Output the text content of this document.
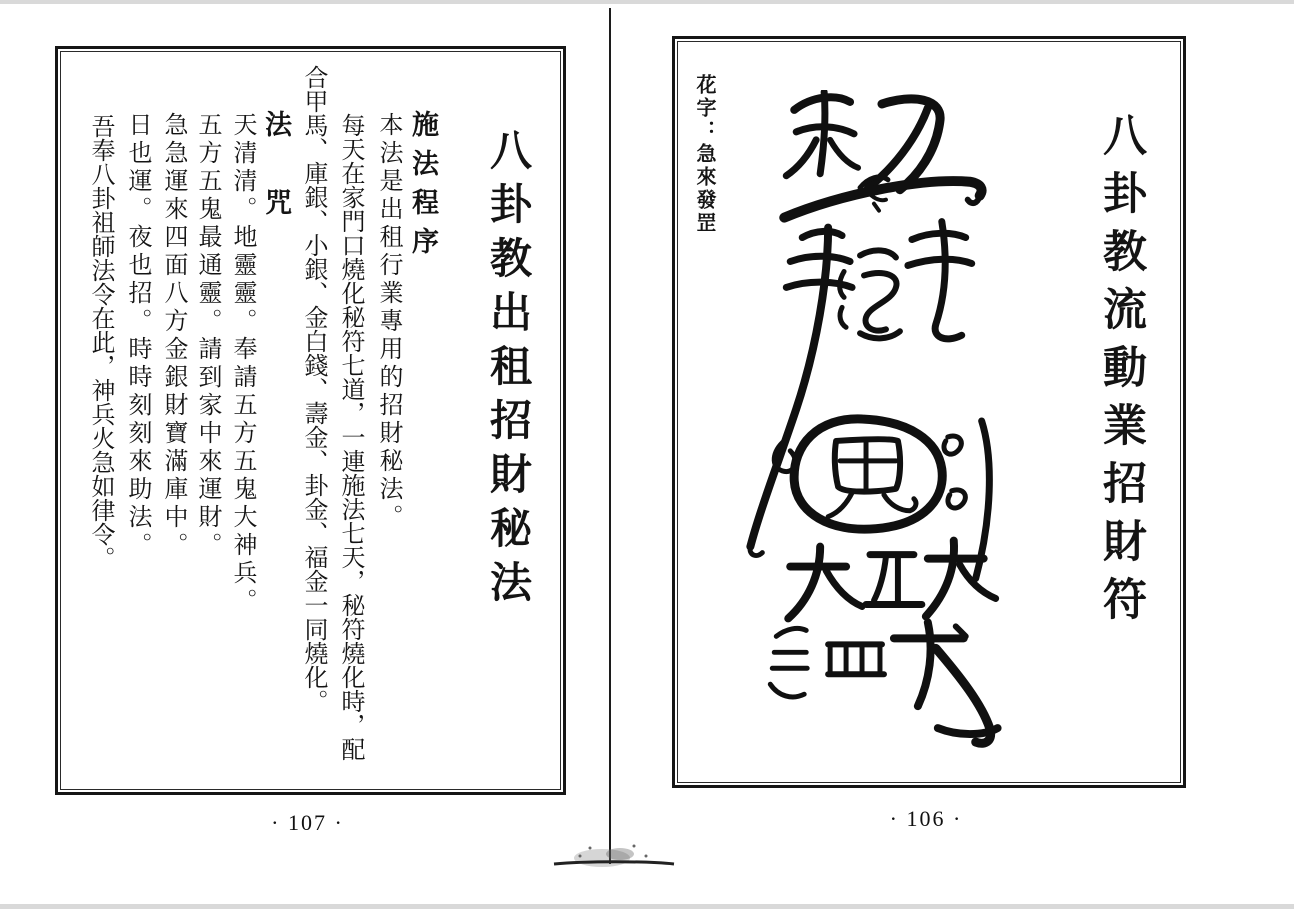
八卦教出租招財秘法
施法程序
本法是出租行業專用的招財秘法。
每天在家門口燒化秘符七道，一連施法七天，秘符燒化時，配
合甲馬、庫銀、小銀、金白錢、壽金、卦金、福金一同燒化。
法　咒
天清清。地靈靈。奉請五方五鬼大神兵。
五方五鬼最通靈。請到家中來運財。
急急運來四面八方金銀財寶滿庫中。
日也運。夜也招。時時刻刻來助法。
吾奉八卦祖師法令在此，神兵火急如律令。
· 107 ·
花字：急來發罡	八卦教流動業招財符
· 106 ·
